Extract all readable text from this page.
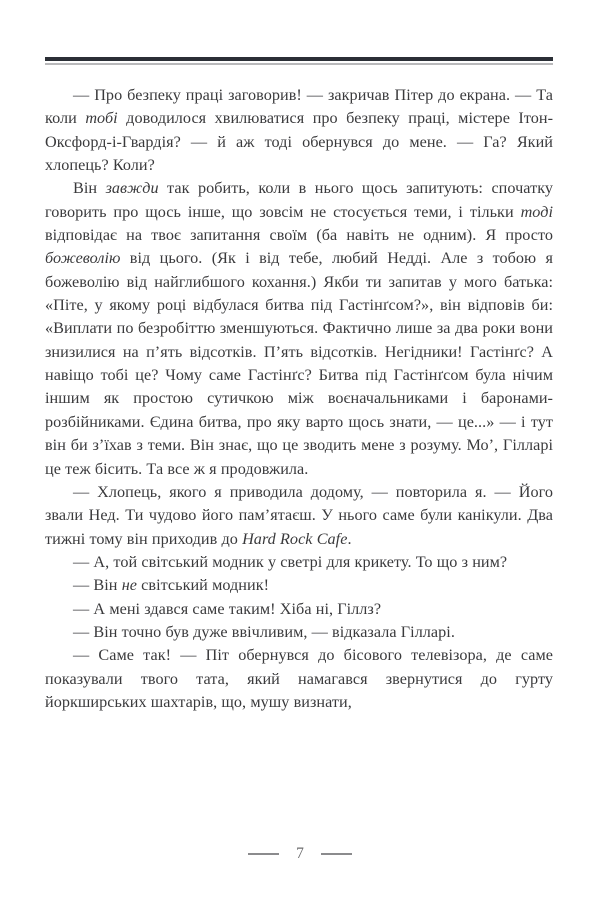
— Про безпеку праці заговорив! — закричав Пітер до екрана. — Та коли тобі доводилося хвилюватися про безпеку праці, містере Ітон-Оксфорд-і-Гвардія? — й аж тоді обернувся до мене. — Га? Який хлопець? Коли?

Він завжди так робить, коли в нього щось запитують: спочатку говорить про щось інше, що зовсім не стосується теми, і тільки тоді відповідає на твоє запитання своїм (ба навіть не одним). Я просто божеволію від цього. (Як і від тебе, любий Недді. Але з тобою я божеволію від найглибшого кохання.) Якби ти запитав у мого батька: «Піте, у якому році відбулася битва під Гастінґсом?», він відповів би: «Виплати по безробіттю зменшуються. Фактично лише за два роки вони знизилися на п’ять відсотків. П’ять відсотків. Негідники! Гастінґс? А навіщо тобі це? Чому саме Гастінґс? Битва під Гастінґсом була нічим іншим як простою сутичкою між воєначальниками і баронами-розбійниками. Єдина битва, про яку варто щось знати, — це...» — і тут він би з’їхав з теми. Він знає, що це зводить мене з розуму. Мо’, Гілларі це теж бісить. Та все ж я продовжила.

— Хлопець, якого я приводила додому, — повторила я. — Його звали Нед. Ти чудово його пам’ятаєш. У нього саме були канікули. Два тижні тому він приходив до Hard Rock Cafe.

— А, той світський модник у светрі для крикету. То що з ним?

— Він не світський модник!

— А мені здався саме таким! Хіба ні, Гіллз?

— Він точно був дуже ввічливим, — відказала Гілларі.

— Саме так! — Піт обернувся до бісового телевізора, де саме показували твого тата, який намагався звернутися до гурту йоркширських шахтарів, що, мушу визнати,

7
